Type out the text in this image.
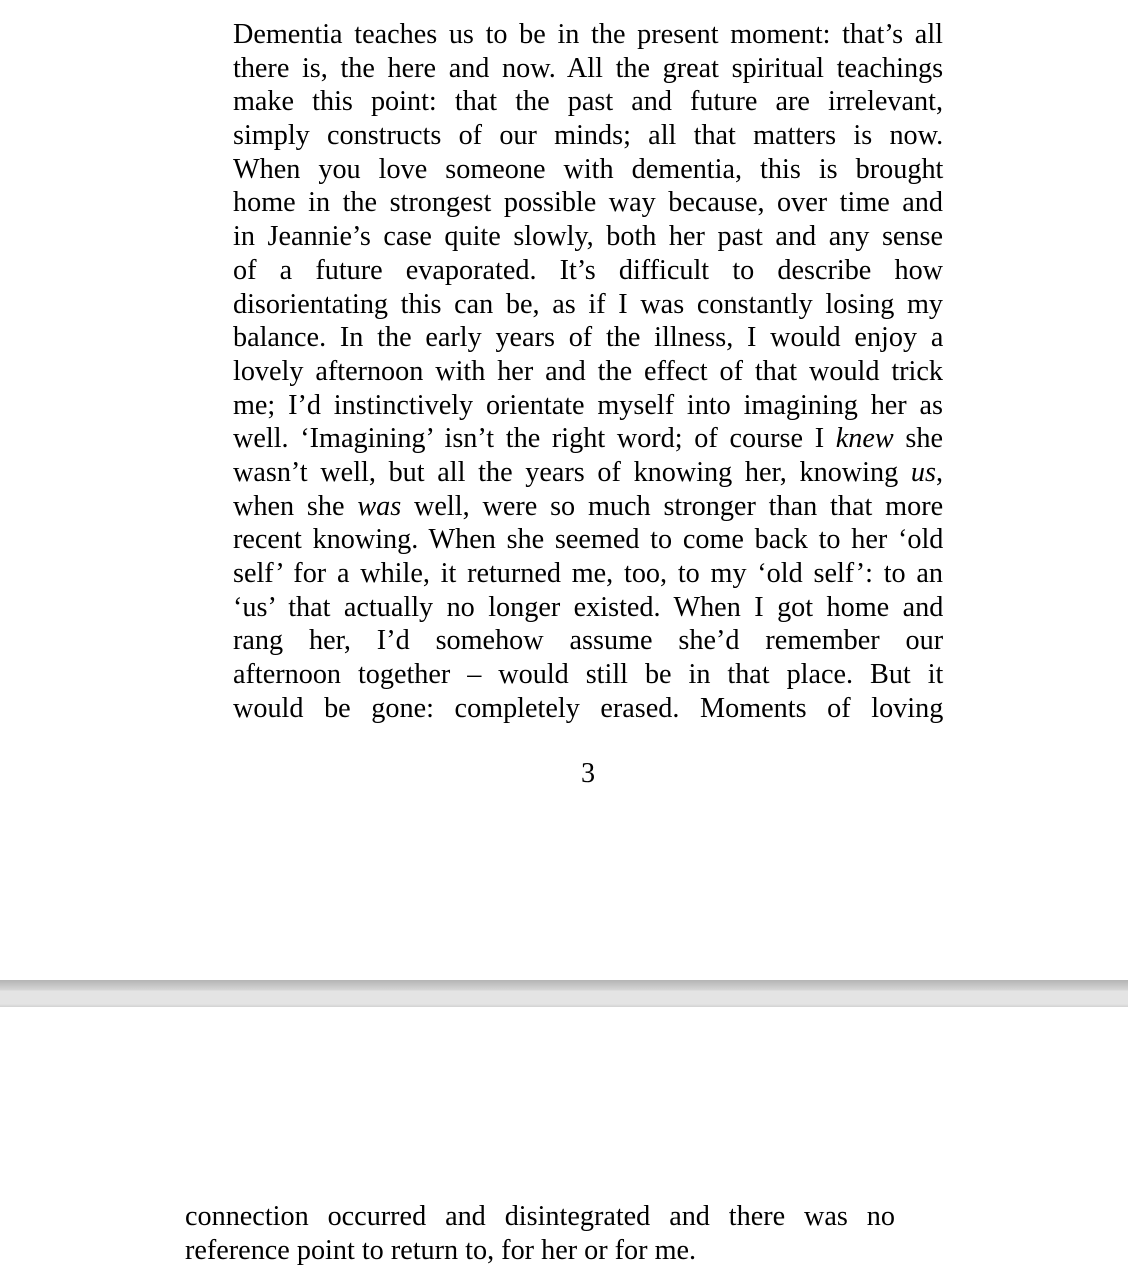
Dementia teaches us to be in the present moment: that’s all
there is, the here and now. All the great spiritual teachings
make this point: that the past and future are irrelevant,
simply constructs of our minds; all that matters is now.
When you love someone with dementia, this is brought
home in the strongest possible way because, over time and
in Jeannie’s case quite slowly, both her past and any sense
of a future evaporated. It’s difficult to describe how
disorientating this can be, as if I was constantly losing my
balance. In the early years of the illness, I would enjoy a
lovely afternoon with her and the effect of that would trick
me; I’d instinctively orientate myself into imagining her as
well. ‘Imagining’ isn’t the right word; of course I knew she
wasn’t well, but all the years of knowing her, knowing us,
when she was well, were so much stronger than that more
recent knowing. When she seemed to come back to her ‘old
self’ for a while, it returned me, too, to my ‘old self’: to an
‘us’ that actually no longer existed. When I got home and
rang her, I’d somehow assume she’d remember our
afternoon together – would still be in that place. But it
would be gone: completely erased. Moments of loving
3
connection occurred and disintegrated and there was no
reference point to return to, for her or for me.
